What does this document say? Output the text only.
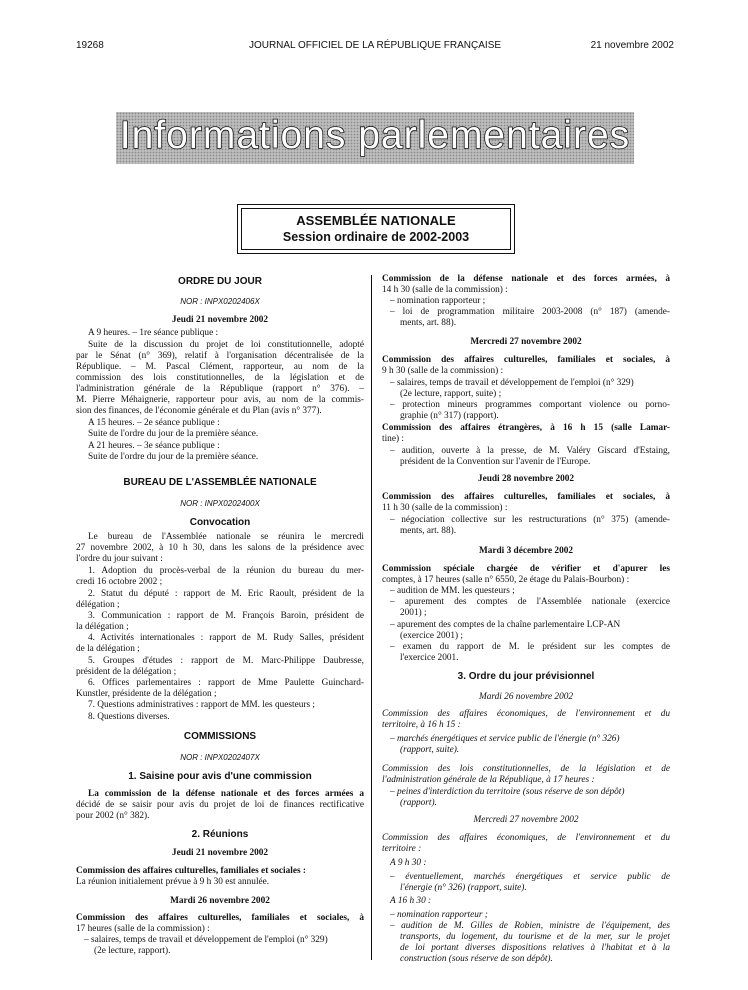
19268	JOURNAL OFFICIEL DE LA RÉPUBLIQUE FRANÇAISE	21 novembre 2002
Informations parlementaires
ASSEMBLÉE NATIONALE
Session ordinaire de 2002-2003
ORDRE DU JOUR
NOR : INPX0202406X
Jeudi 21 novembre 2002
A 9 heures. – 1re séance publique :
Suite de la discussion du projet de loi constitutionnelle, adopté
par le Sénat (n° 369), relatif à l'organisation décentralisée de la
République. – M. Pascal Clément, rapporteur, au nom de la
commission des lois constitutionnelles, de la législation et de
l'administration générale de la République (rapport n° 376). –
M. Pierre Méhaignerie, rapporteur pour avis, au nom de la commis-
sion des finances, de l'économie générale et du Plan (avis n° 377).
A 15 heures. – 2e séance publique :
Suite de l'ordre du jour de la première séance.
A 21 heures. – 3e séance publique :
Suite de l'ordre du jour de la première séance.
BUREAU DE L'ASSEMBLÉE NATIONALE
NOR : INPX0202400X
Convocation
Le bureau de l'Assemblée nationale se réunira le mercredi
27 novembre 2002, à 10 h 30, dans les salons de la présidence avec
l'ordre du jour suivant :
1. Adoption du procès-verbal de la réunion du bureau du mer-
credi 16 octobre 2002 ;
2. Statut du député : rapport de M. Eric Raoult, président de la
délégation ;
3. Communication : rapport de M. François Baroin, président de
la délégation ;
4. Activités internationales : rapport de M. Rudy Salles, président
de la délégation ;
5. Groupes d'études : rapport de M. Marc-Philippe Daubresse,
président de la délégation ;
6. Offices parlementaires : rapport de Mme Paulette Guinchard-
Kunstler, présidente de la délégation ;
7. Questions administratives : rapport de MM. les questeurs ;
8. Questions diverses.
COMMISSIONS
NOR : INPX0202407X
1. Saisine pour avis d'une commission
La commission de la défense nationale et des forces armées a
décidé de se saisir pour avis du projet de loi de finances rectificative
pour 2002 (n° 382).
2. Réunions
Jeudi 21 novembre 2002
Commission des affaires culturelles, familiales et sociales :
La réunion initialement prévue à 9 h 30 est annulée.
Mardi 26 novembre 2002
Commission des affaires culturelles, familiales et sociales, à
17 heures (salle de la commission) :
– salaires, temps de travail et développement de l'emploi (n° 329)
(2e lecture, rapport).
Commission de la défense nationale et des forces armées, à
14 h 30 (salle de la commission) :
– nomination rapporteur ;
– loi de programmation militaire 2003-2008 (n° 187) (amende-
ments, art. 88).
Mercredi 27 novembre 2002
Commission des affaires culturelles, familiales et sociales, à
9 h 30 (salle de la commission) :
– salaires, temps de travail et développement de l'emploi (n° 329)
(2e lecture, rapport, suite) ;
– protection mineurs programmes comportant violence ou porno-
graphie (n° 317) (rapport).
Commission des affaires étrangères, à 16 h 15 (salle Lamar-
tine) :
– audition, ouverte à la presse, de M. Valéry Giscard d'Estaing,
président de la Convention sur l'avenir de l'Europe.
Jeudi 28 novembre 2002
Commission des affaires culturelles, familiales et sociales, à
11 h 30 (salle de la commission) :
– négociation collective sur les restructurations (n° 375) (amende-
ments, art. 88).
Mardi 3 décembre 2002
Commission spéciale chargée de vérifier et d'apurer les
comptes, à 17 heures (salle n° 6550, 2e étage du Palais-Bourbon) :
– audition de MM. les questeurs ;
– apurement des comptes de l'Assemblée nationale (exercice
2001) ;
– apurement des comptes de la chaîne parlementaire LCP-AN
(exercice 2001) ;
– examen du rapport de M. le président sur les comptes de
l'exercice 2001.
3. Ordre du jour prévisionnel
Mardi 26 novembre 2002
Commission des affaires économiques, de l'environnement et du
territoire, à 16 h 15 :
– marchés énergétiques et service public de l'énergie (n° 326)
(rapport, suite).
Commission des lois constitutionnelles, de la législation et de
l'administration générale de la République, à 17 heures :
– peines d'interdiction du territoire (sous réserve de son dépôt)
(rapport).
Mercredi 27 novembre 2002
Commission des affaires économiques, de l'environnement et du
territoire :
A 9 h 30 :
– éventuellement, marchés énergétiques et service public de
l'énergie (n° 326) (rapport, suite).
A 16 h 30 :
– nomination rapporteur ;
– audition de M. Gilles de Robien, ministre de l'équipement, des
transports, du logement, du tourisme et de la mer, sur le projet
de loi portant diverses dispositions relatives à l'habitat et à la
construction (sous réserve de son dépôt).
